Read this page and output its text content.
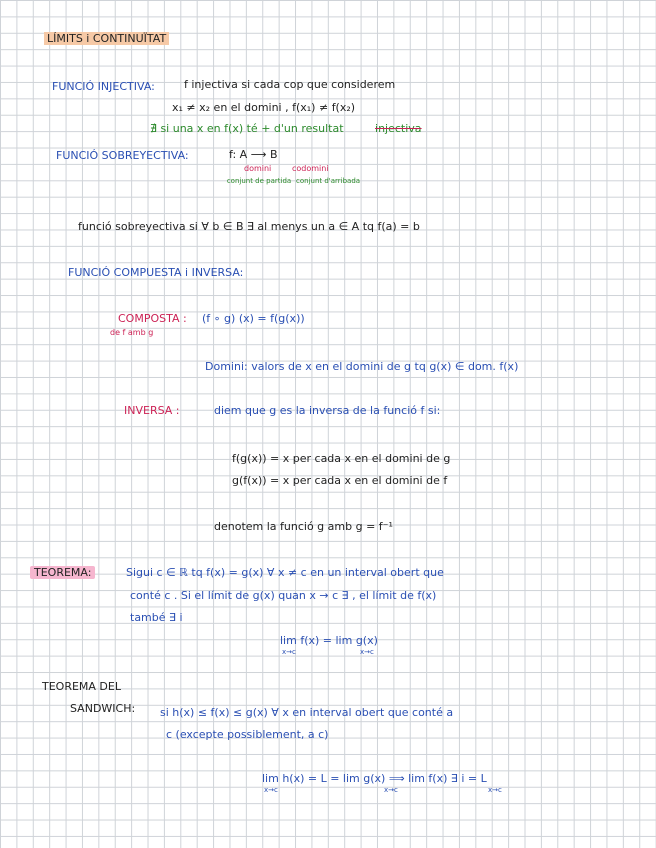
LÍMITS i CONTINUÏTAT
FUNCIÓ INJECTIVA:	f injectiva si cada cop que considerem
x₁ ≠ x₂ en el domini , f(x₁) ≠ f(x₂)
∄ si una x en f(x) té + d'un resultat	injectiva
FUNCIÓ SOBREYECTIVA:	f: A ⟶ B
domini	codomini
conjunt de partida conjunt d'arribada
funció sobreyectiva si ∀ b ∈ B ∃ al menys un a ∈ A tq f(a) = b
FUNCIÓ COMPUESTA i INVERSA:
COMPOSTA :
de f amb g
(f ∘ g) (x) = f(g(x))
Domini: valors de x en el domini de g tq g(x) ∈ dom. f(x)
INVERSA :	diem que g es la inversa de la funció f si:
f(g(x)) = x per cada x en el domini de g
g(f(x)) = x per cada x en el domini de f
denotem la funció g amb g = f⁻¹
TEOREMA:	Sigui c ∈ ℝ tq f(x) = g(x) ∀ x ≠ c en un interval obert que
conté c . Si el límit de g(x) quan x → c ∃ , el límit de f(x)
també ∃ i
lim f(x) = lim g(x)
x→c	x→c
TEOREMA DEL
SANDWICH: si h(x) ≤ f(x) ≤ g(x) ∀ x en interval obert que conté a
c (excepte possiblement, a c)
lim h(x) = L = lim g(x) ⟹ lim f(x) ∃ i = L
x→c	x→c	x→c
